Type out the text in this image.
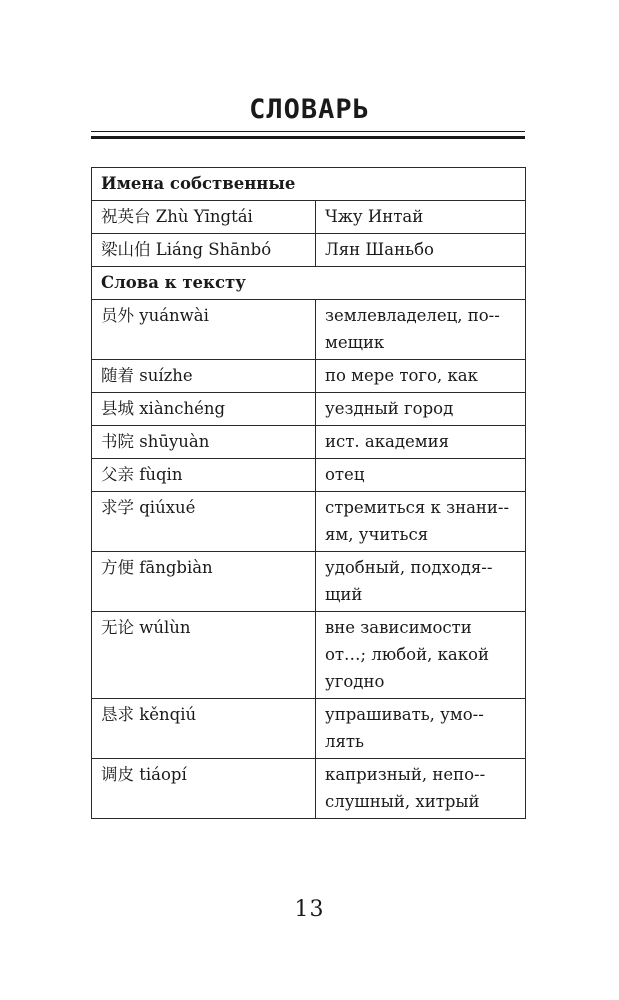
СЛОВАРЬ
Имена собственные	
祝英台 Zhù Yīngtái	Чжу Интай
梁山伯 Liáng Shānbó	Лян Шаньбо
Слова к тексту	
员外 yuánwài	землевладелец, по-мещик
随着 suízhe	по мере того, как
县城 xiànchéng	уездный город
书院 shūyuàn	ист. академия
父亲 fùqin	отец
求学 qiúxué	стремиться к знани-ям, учиться
方便 fāngbiàn	удобный, подходя-щий
无论 wúlùn	вне зависимости от…; любой, какой угодно
恳求 kěnqiú	упрашивать, умо-лять
调皮 tiáopí	капризный, непо-слушный, хитрый
13
